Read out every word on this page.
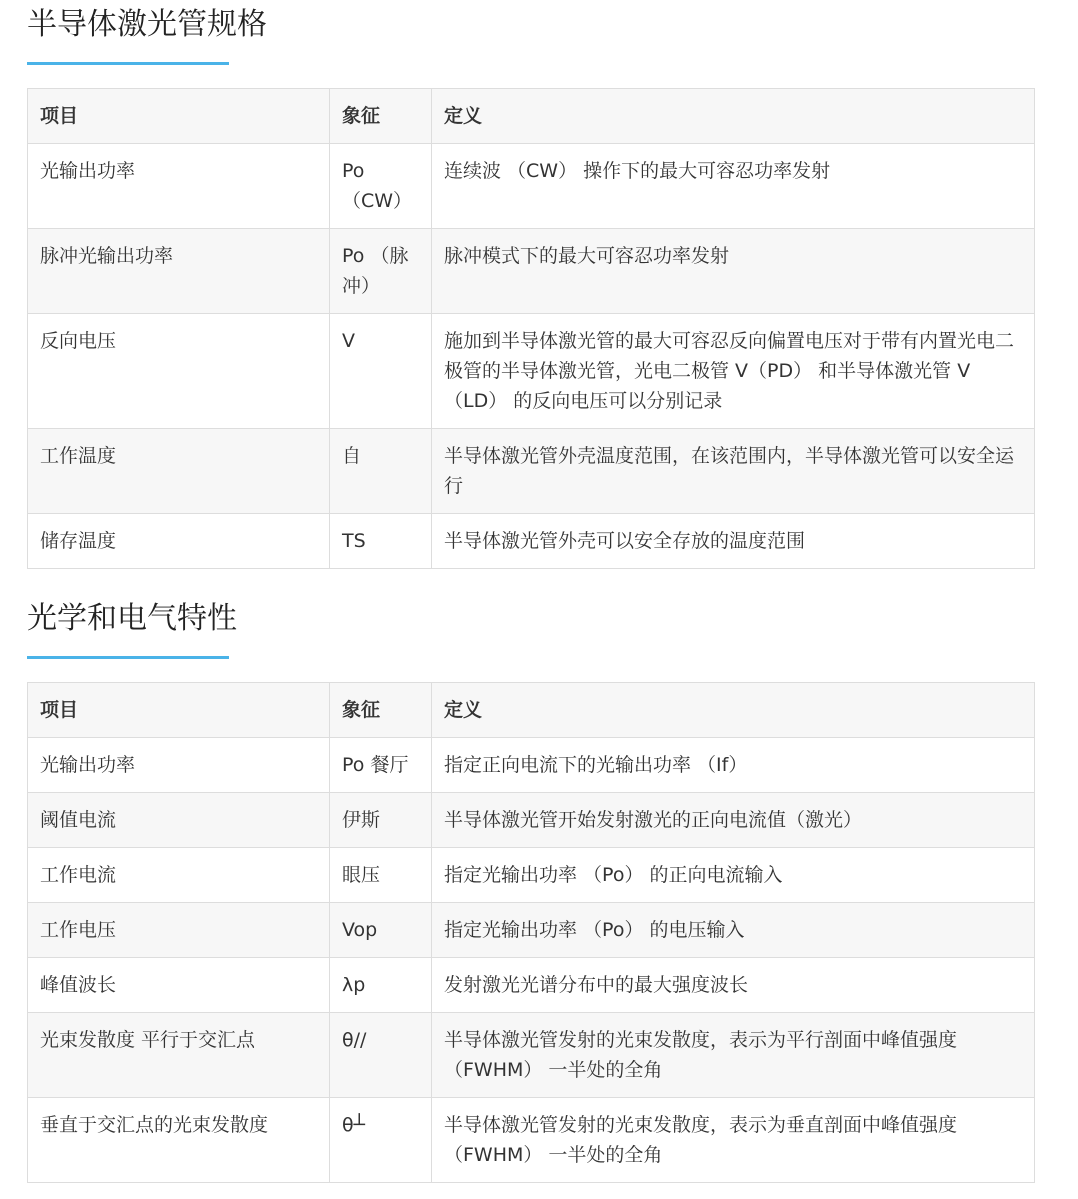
半导体激光管规格
项目	象征	定义
光输出功率	Po （CW）	连续波 （CW） 操作下的最大可容忍功率发射
脉冲光输出功率	Po （脉冲）	脉冲模式下的最大可容忍功率发射
反向电压	V	施加到半导体激光管的最大可容忍反向偏置电压对于带有内置光电二极管的半导体激光管，光电二极管 V（PD） 和半导体激光管 V（LD） 的反向电压可以分别记录
工作温度	自	半导体激光管外壳温度范围，在该范围内，半导体激光管可以安全运行
储存温度	TS	半导体激光管外壳可以安全存放的温度范围
光学和电气特性
项目	象征	定义
光输出功率	Po 餐厅	指定正向电流下的光输出功率 （If）
阈值电流	伊斯	半导体激光管开始发射激光的正向电流值（激光）
工作电流	眼压	指定光输出功率 （Po） 的正向电流输入
工作电压	Vop	指定光输出功率 （Po） 的电压输入
峰值波长	λp	发射激光光谱分布中的最大强度波长
光束发散度 平行于交汇点	θ//	半导体激光管发射的光束发散度，表示为平行剖面中峰值强度（FWHM） 一半处的全角
垂直于交汇点的光束发散度	θ┴	半导体激光管发射的光束发散度，表示为垂直剖面中峰值强度（FWHM） 一半处的全角
